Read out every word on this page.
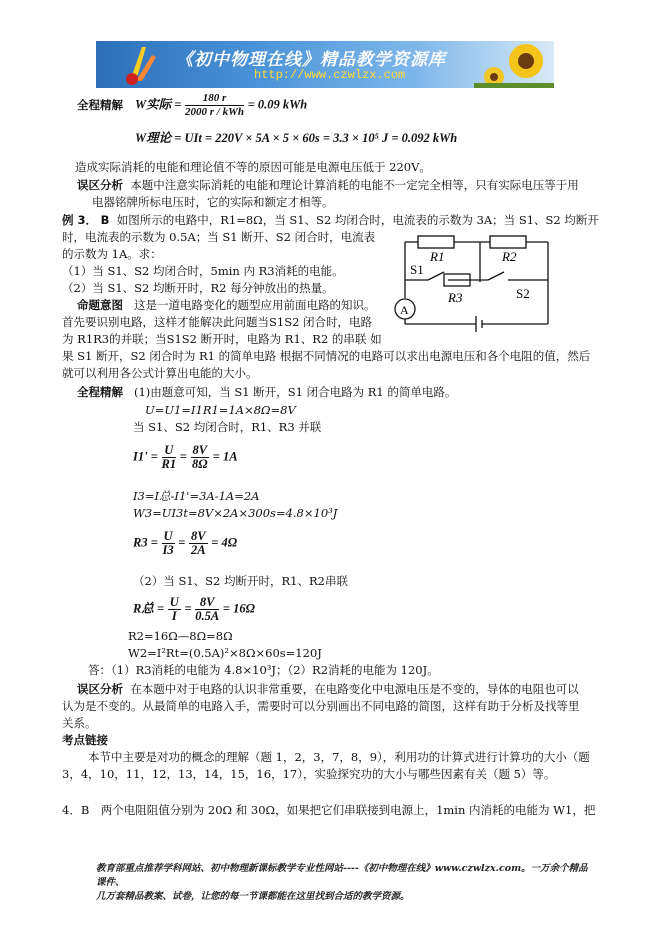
《初中物理在线》精品教学资源库
http://www.czwlzx.com
全程精解 W实际 = $\frac{180 r}{\text{2000 r / kWh}} = 0.09$ kWh
W理论 = UIt = 220V × 5A × 5 × 60s = 3.3 × 10⁵ J = 0.092 kWh
造成实际消耗的电能和理论值不等的原因可能是电源电压低于 220V。
误区分析 本题中注意实际消耗的电能和理论计算消耗的电能不一定完全相等，只有实际电压等于用
电器铭牌所标电压时，它的实际和额定才相等。
例 3． B 如图所示的电路中，R1=8Ω，当 S1、S2 均闭合时，电流表的示数为 3A；当 S1、S2 均断开
时，电流表的示数为 0.5A；当 S1 断开、S2 闭合时，电流表
的示数为 1A。求：
（1）当 S1、S2 均闭合时，5min 内 R3消耗的电能。
（2）当 S1、S2 均断开时，R2 每分钟放出的热量。
R1	R2
R3
S1
S2
A
命题意图 这是一道电路变化的题型应用前面电路的知识。
首先要识别电路，这样才能解决此问题当S1S2 闭合时，电路
为 R1R3的并联；当S1S2 断开时，电路为 R1、R2 的串联 如
果 S1 断开，S2 闭合时为 R1 的简单电路 根据不同情况的电路可以求出电源电压和各个电阻的值，然后
就可以利用各公式计算出电能的大小。
全程精解 (1)由题意可知，当 S1 断开，S1 闭合电路为 R1 的简单电路。
U=U1=I1R1=1A×8Ω=8V
当 S1、S2 均闭合时，R1、R3 并联
$I1' = \frac{U}{R1} = \frac{8V}{8\Omega} = 1A$
I3=I总-I1'=3A-1A=2A
W3=UI3t=8V×2A×300s=4.8×10³J
$R3 = \frac{U}{I3} = \frac{8V}{2A} = 4\Omega$
（2）当 S1、S2 均断开时，R1、R2串联
R总 = $\frac{U}{I} = \frac{8V}{0.5A} = 16\Omega$
R2=16Ω—8Ω=8Ω
W2=I²Rt=(0.5A)²×8Ω×60s=120J
答：（1）R3消耗的电能为 4.8×10³J；（2）R2消耗的电能为 120J。
误区分析 在本题中对于电路的认识非常重要，在电路变化中电源电压是不变的，导体的电阻也可以
认为是不变的。从最简单的电路入手，需要时可以分别画出不同电路的简图，这样有助于分析及找等里
关系。
考点链接
本节中主要是对功的概念的理解（题 1，2，3，7，8，9），利用功的计算式进行计算功的大小（题
3，4，10，11，12，13，14，15，16，17），实验探究功的大小与哪些因素有关（题 5）等。
4．B　两个电阻阻值分别为 20Ω 和 30Ω，如果把它们串联接到电源上，1min 内消耗的电能为 W1，把
教育部重点推荐学科网站、初中物理新课标教学专业性网站----《初中物理在线》www.czwlzx.com。一万余个精品课件、
几万套精品教案、试卷，让您的每一节课都能在这里找到合适的教学资源。
